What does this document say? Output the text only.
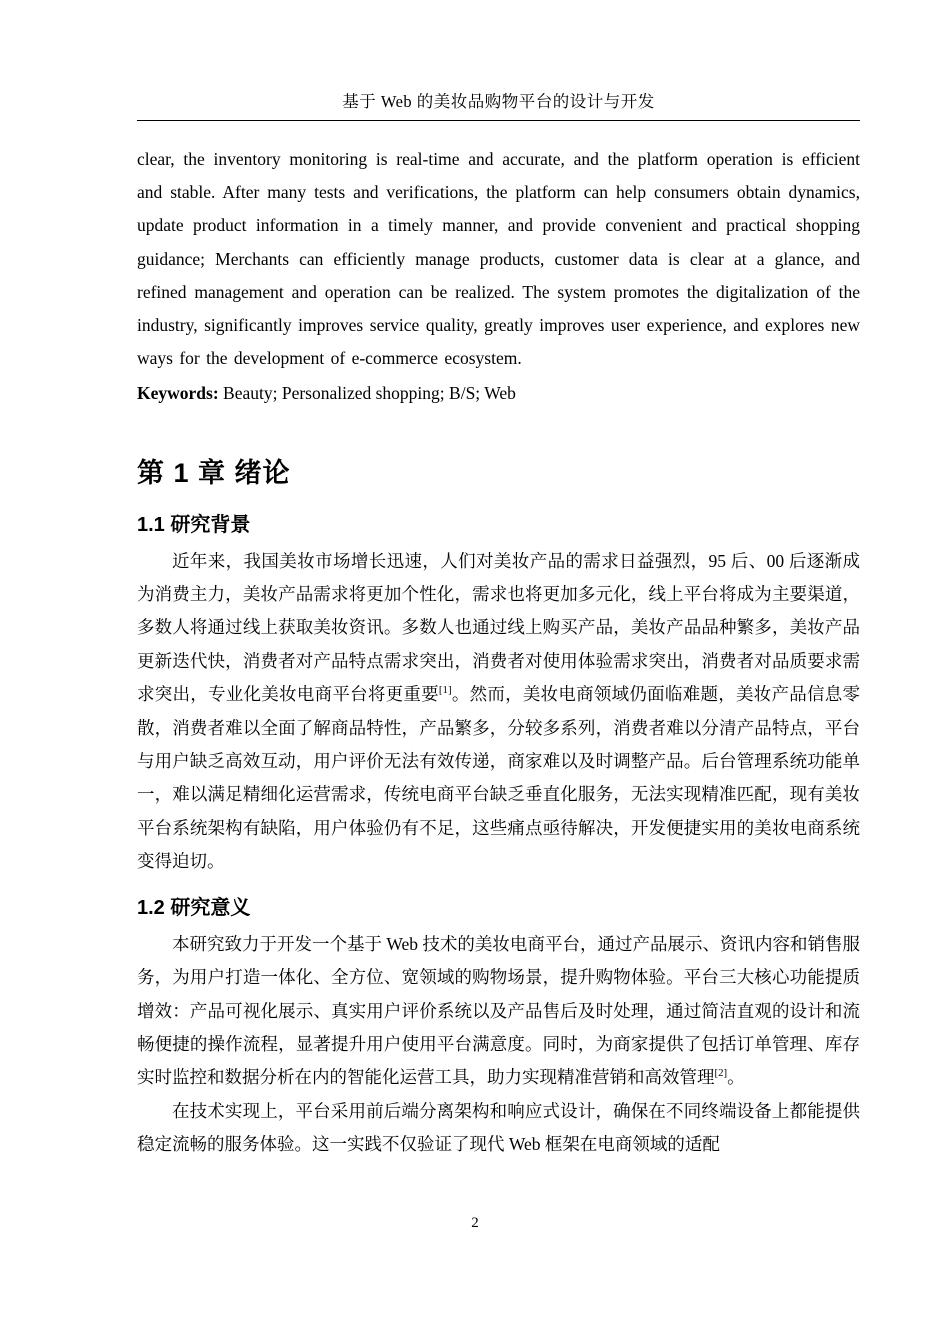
基于 Web 的美妆品购物平台的设计与开发

clear, the inventory monitoring is real-time and accurate, and the platform operation is efficient and stable. After many tests and verifications, the platform can help consumers obtain dynamics, update product information in a timely manner, and provide convenient and practical shopping guidance; Merchants can efficiently manage products, customer data is clear at a glance, and refined management and operation can be realized. The system promotes the digitalization of the industry, significantly improves service quality, greatly improves user experience, and explores new ways for the development of e-commerce ecosystem.

Keywords: Beauty; Personalized shopping; B/S; Web

第 1 章 绪论
1.1 研究背景

近年来，我国美妆市场增长迅速，人们对美妆产品的需求日益强烈，95 后、00 后逐渐成为消费主力，美妆产品需求将更加个性化，需求也将更加多元化，线上平台将成为主要渠道，多数人将通过线上获取美妆资讯。多数人也通过线上购买产品，美妆产品品种繁多，美妆产品更新迭代快，消费者对产品特点需求突出，消费者对使用体验需求突出，消费者对品质要求需求突出，专业化美妆电商平台将更重要[1]。然而，美妆电商领域仍面临难题，美妆产品信息零散，消费者难以全面了解商品特性，产品繁多，分较多系列，消费者难以分清产品特点，平台与用户缺乏高效互动，用户评价无法有效传递，商家难以及时调整产品。后台管理系统功能单一，难以满足精细化运营需求，传统电商平台缺乏垂直化服务，无法实现精准匹配，现有美妆平台系统架构有缺陷，用户体验仍有不足，这些痛点亟待解决，开发便捷实用的美妆电商系统变得迫切。

1.2 研究意义

本研究致力于开发一个基于 Web 技术的美妆电商平台，通过产品展示、资讯内容和销售服务，为用户打造一体化、全方位、宽领域的购物场景，提升购物体验。平台三大核心功能提质增效：产品可视化展示、真实用户评价系统以及产品售后及时处理，通过简洁直观的设计和流畅便捷的操作流程，显著提升用户使用平台满意度。同时，为商家提供了包括订单管理、库存实时监控和数据分析在内的智能化运营工具，助力实现精准营销和高效管理[2]。

在技术实现上，平台采用前后端分离架构和响应式设计，确保在不同终端设备上都能提供稳定流畅的服务体验。这一实践不仅验证了现代 Web 框架在电商领域的适配

2
